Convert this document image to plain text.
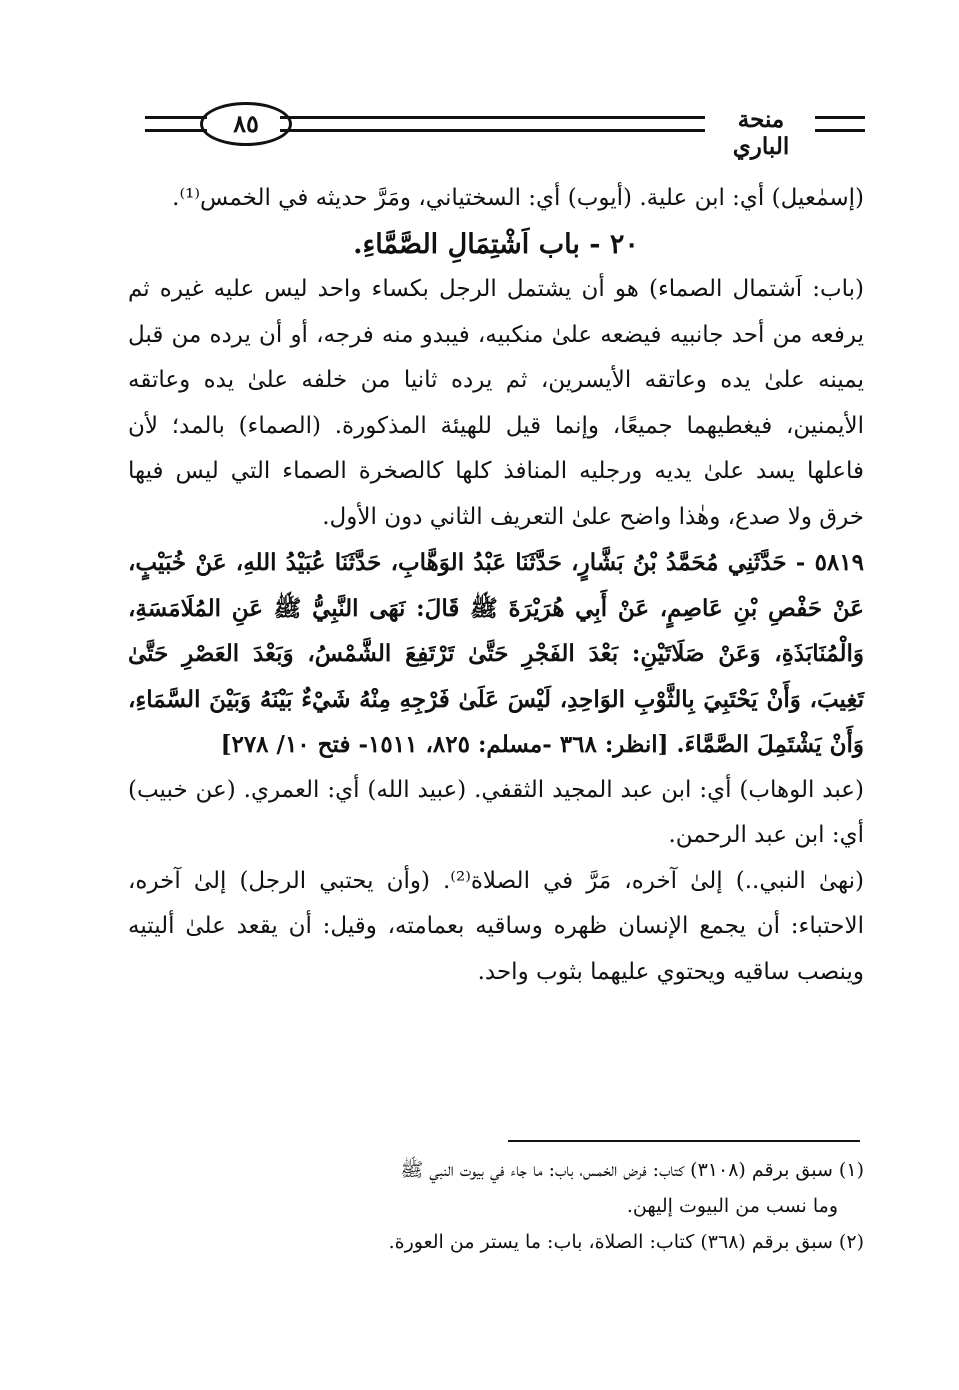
٨٥	منحة الباري

(إسمٰعيل) أي: ابن علية. (أيوب) أي: السختياني، ومَرَّ حديثه في الخمس⁽¹⁾.

٢٠ - باب اَشْتِمَالِ الصَّمَّاءِ.

(باب: اَشتمال الصماء) هو أن يشتمل الرجل بكساء واحد ليس عليه غيره ثم يرفعه من أحد جانبيه فيضعه علىٰ منكبيه، فيبدو منه فرجه، أو أن يرده من قبل يمينه علىٰ يده وعاتقه الأيسرين، ثم يرده ثانيا من خلفه علىٰ يده وعاتقه الأيمنين، فيغطيهما جميعًا، وإنما قيل للهيئة المذكورة. (الصماء) بالمد؛ لأن فاعلها يسد علىٰ يديه ورجليه المنافذ كلها كالصخرة الصماء التي ليس فيها خرق ولا صدع، وهٰذا واضح علىٰ التعريف الثاني دون الأول.

٥٨١٩ - حَدَّثَنِي مُحَمَّدُ بْنُ بَشَّارٍ، حَدَّثَنَا عَبْدُ الوَهَّابِ، حَدَّثَنَا عُبَيْدُ اللهِ، عَنْ خُبَيْبٍ، عَنْ حَفْصِ بْنِ عَاصِمٍ، عَنْ أَبِي هُرَيْرَةَ ﷺ قَالَ: نَهَى النَّبِيُّ ﷺ عَنِ المُلَامَسَةِ، وَالْمُنَابَذَةِ، وَعَنْ صَلَاتَيْنِ: بَعْدَ الفَجْرِ حَتَّىٰ تَرْتَفِعَ الشَّمْسُ، وَبَعْدَ العَصْرِ حَتَّىٰ تَغِيبَ، وَأَنْ يَحْتَبِيَ بِالثَّوْبِ الوَاحِدِ، لَيْسَ عَلَىٰ فَرْجِهِ مِنْهُ شَيْءٌ بَيْنَهُ وَبَيْنَ السَّمَاءِ، وَأَنْ يَشْتَمِلَ الصَّمَّاءَ. [انظر: ٣٦٨ -مسلم: ٨٢٥، ١٥١١- فتح ١٠/ ٢٧٨]

(عبد الوهاب) أي: ابن عبد المجيد الثقفي. (عبيد الله) أي: العمري. (عن خبيب) أي: ابن عبد الرحمن.

(نهىٰ النبي..) إلىٰ آخره، مَرَّ في الصلاة⁽²⁾. (وأن يحتبي الرجل) إلىٰ آخره، الاحتباء: أن يجمع الإنسان ظهره وساقيه بعمامته، وقيل: أن يقعد علىٰ أليتيه وينصب ساقيه ويحتوي عليهما بثوب واحد.

(١) سبق برقم (٣١٠٨) كتاب: فرض الخمس، باب: ما جاء في بيوت النبي ﷺ

وما نسب من البيوت إليهن.

(٢) سبق برقم (٣٦٨) كتاب: الصلاة، باب: ما يستر من العورة.
